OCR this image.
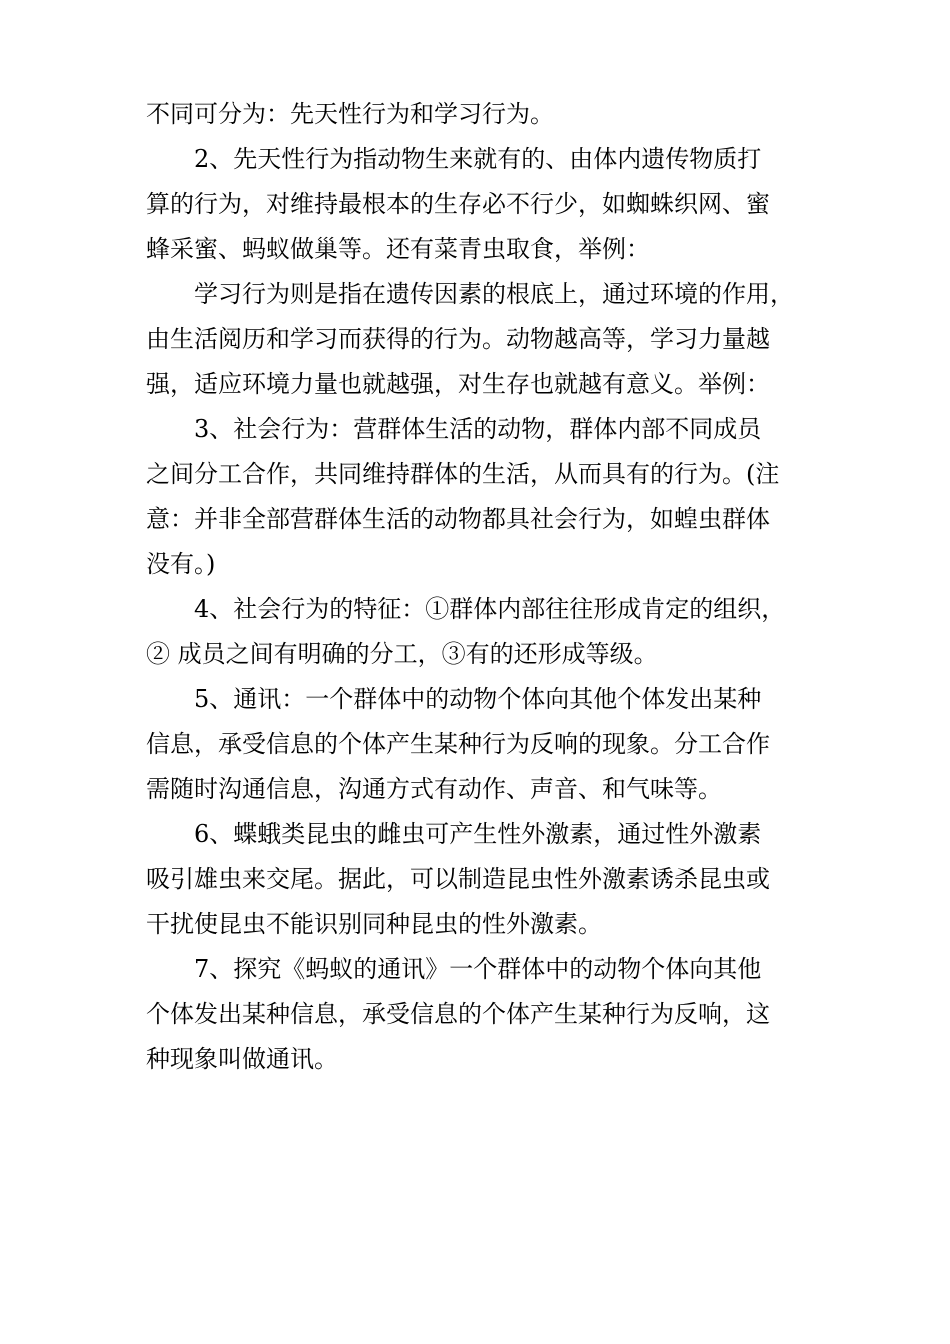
不同可分为：先天性行为和学习行为。
2、先天性行为指动物生来就有的、由体内遗传物质打
算的行为，对维持最根本的生存必不行少，如蜘蛛织网、蜜
蜂采蜜、蚂蚁做巢等。还有菜青虫取食，举例：
学习行为则是指在遗传因素的根底上，通过环境的作用，
由生活阅历和学习而获得的行为。动物越高等，学习力量越
强，适应环境力量也就越强，对生存也就越有意义。举例：
3、社会行为：营群体生活的动物，群体内部不同成员
之间分工合作，共同维持群体的生活，从而具有的行为。(注
意：并非全部营群体生活的动物都具社会行为，如蝗虫群体
没有。)
4、社会行为的特征：①群体内部往往形成肯定的组织，
② 成员之间有明确的分工，③有的还形成等级。
5、通讯：一个群体中的动物个体向其他个体发出某种
信息，承受信息的个体产生某种行为反响的现象。分工合作
需随时沟通信息，沟通方式有动作、声音、和气味等。
6、蝶蛾类昆虫的雌虫可产生性外激素，通过性外激素
吸引雄虫来交尾。据此，可以制造昆虫性外激素诱杀昆虫或
干扰使昆虫不能识别同种昆虫的性外激素。
7、探究《蚂蚁的通讯》一个群体中的动物个体向其他
个体发出某种信息，承受信息的个体产生某种行为反响，这
种现象叫做通讯。
